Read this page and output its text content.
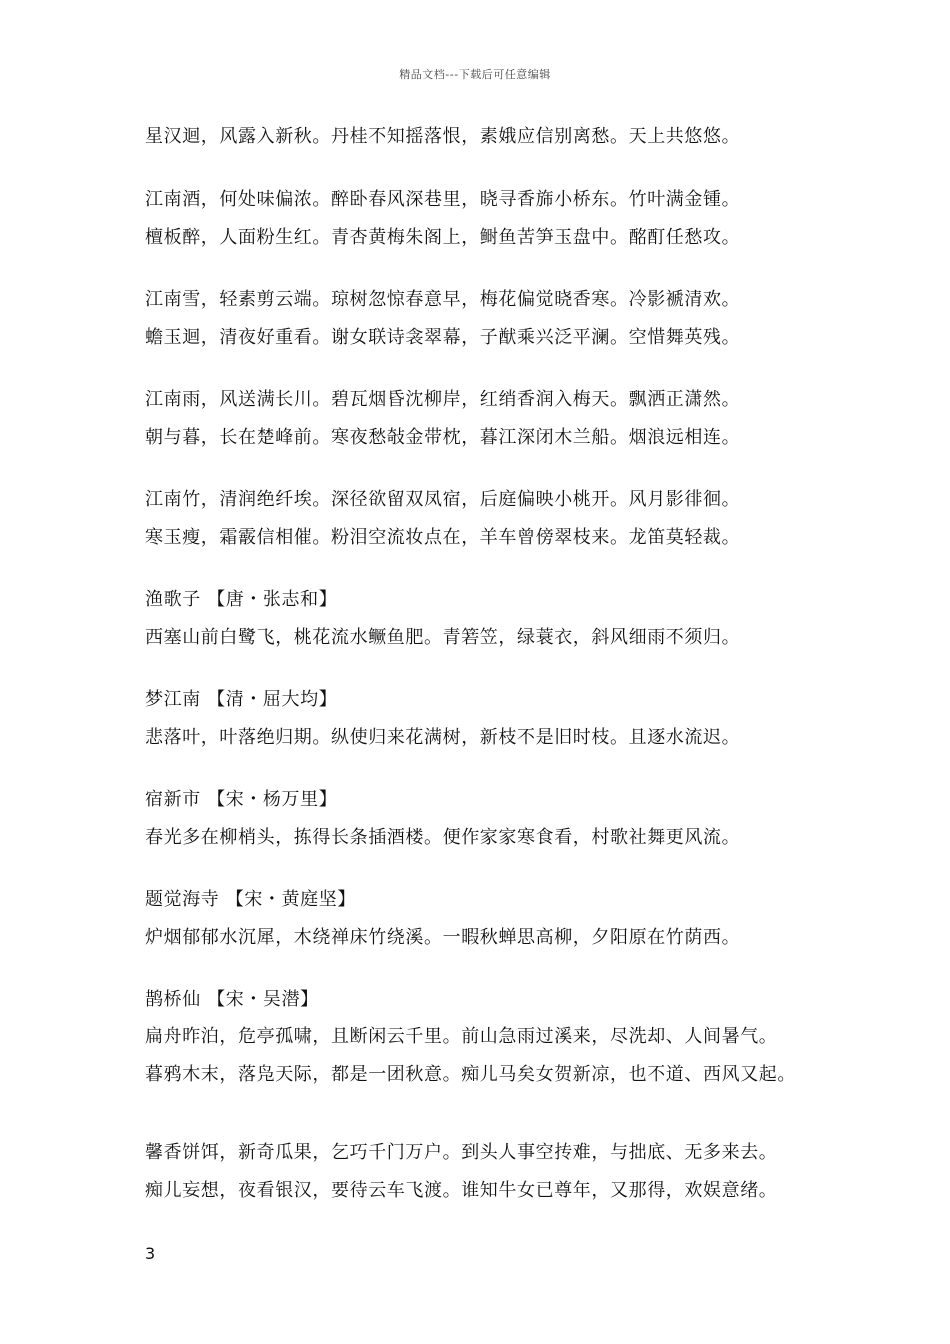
精品文档---下载后可任意编辑
星汉迴，风露入新秋。丹桂不知摇落恨，素娥应信别离愁。天上共悠悠。
江南酒，何处味偏浓。醉卧春风深巷里，晓寻香旆小桥东。竹叶满金锺。
檀板醉，人面粉生红。青杏黄梅朱阁上，鲥鱼苦笋玉盘中。酩酊任愁攻。
江南雪，轻素剪云端。琼树忽惊春意早，梅花偏觉晓香寒。冷影褫清欢。
蟾玉迴，清夜好重看。谢女联诗衾翠幕，子猷乘兴泛平澜。空惜舞英残。
江南雨，风送满长川。碧瓦烟昏沈柳岸，红绡香润入梅天。飘洒正潇然。
朝与暮，长在楚峰前。寒夜愁敧金带枕，暮江深闭木兰船。烟浪远相连。
江南竹，清润绝纤埃。深径欲留双凤宿，后庭偏映小桃开。风月影徘徊。
寒玉瘦，霜霰信相催。粉泪空流妆点在，羊车曾傍翠枝来。龙笛莫轻裁。
渔歌子 【唐・张志和】
西塞山前白鹭飞，桃花流水鳜鱼肥。青箬笠，绿蓑衣，斜风细雨不须归。
梦江南 【清・屈大均】
悲落叶，叶落绝归期。纵使归来花满树，新枝不是旧时枝。且逐水流迟。
宿新市 【宋・杨万里】
春光多在柳梢头，拣得长条插酒楼。便作家家寒食看，村歌社舞更风流。
题觉海寺 【宋・黄庭坚】
炉烟郁郁水沉犀，木绕禅床竹绕溪。一暇秋蝉思高柳，夕阳原在竹荫西。
鹊桥仙 【宋・吴潜】
扁舟昨泊，危亭孤啸，且断闲云千里。前山急雨过溪来，尽洗却、人间暑气。
暮鸦木末，落凫天际，都是一团秋意。痴儿马矣女贺新凉，也不道、西风又起。
馨香饼饵，新奇瓜果，乞巧千门万户。到头人事空抟难，与拙底、无多来去。
痴儿妄想，夜看银汉，要待云车飞渡。谁知牛女已尊年，又那得，欢娱意绪。
3
